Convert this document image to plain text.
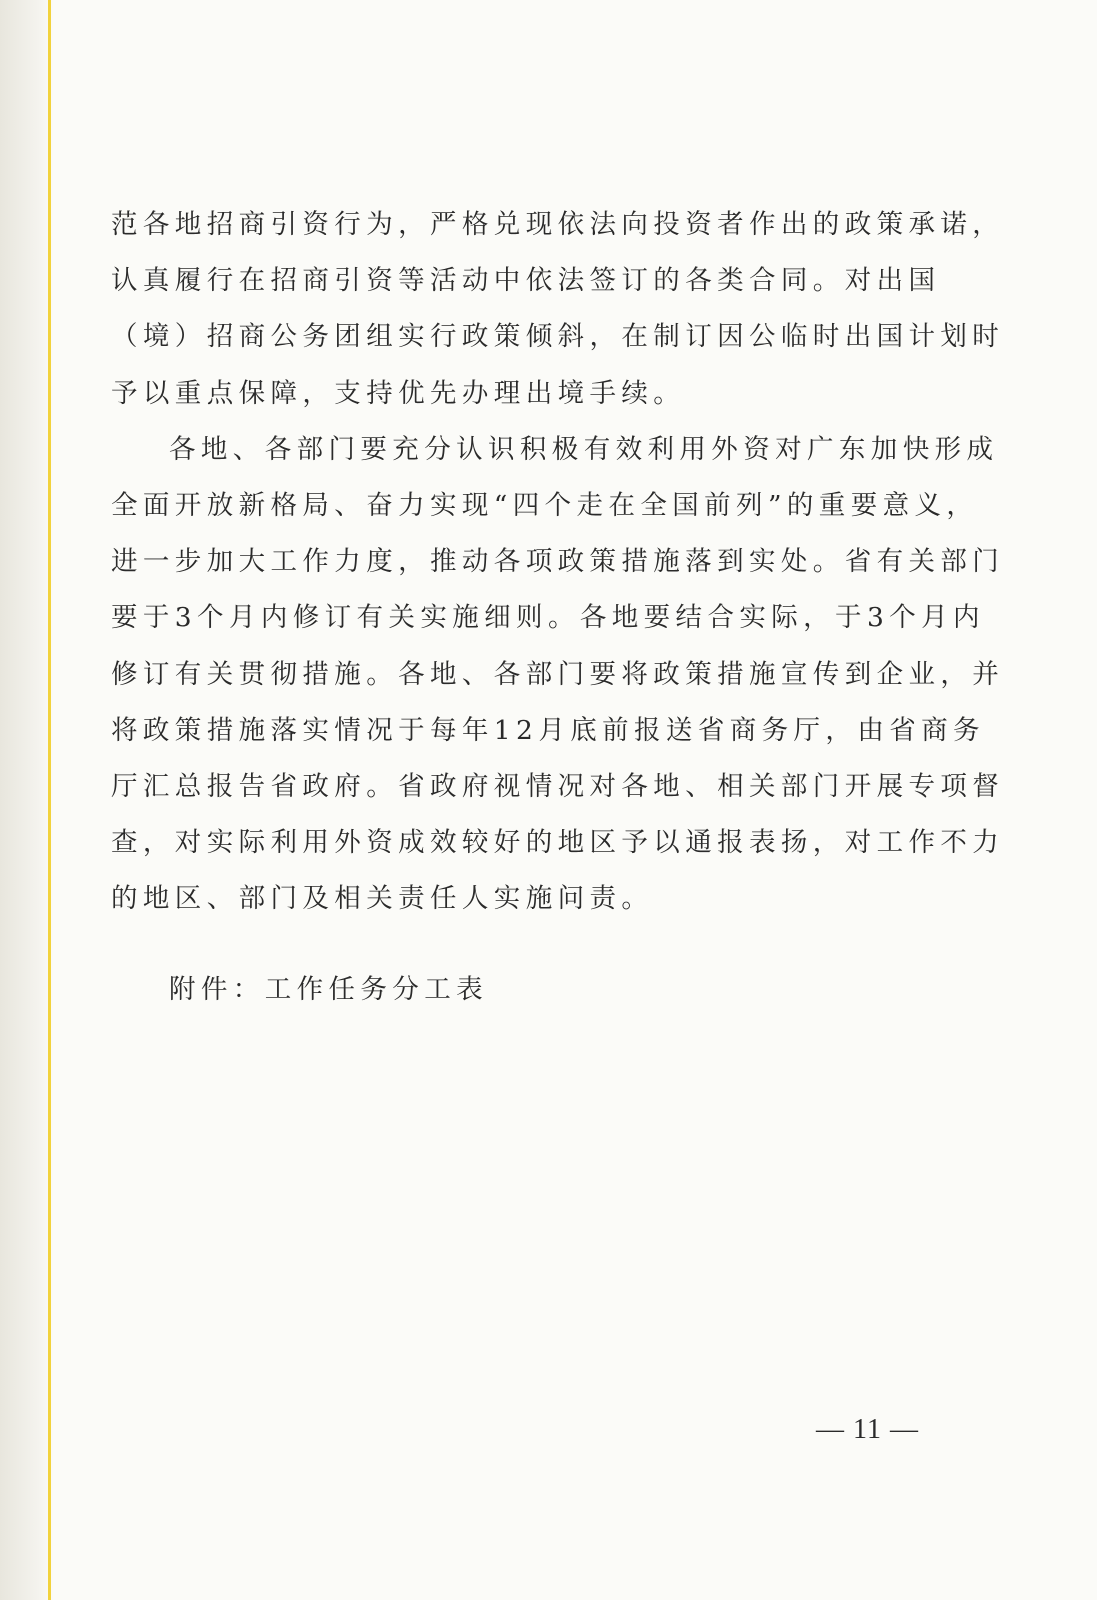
范各地招商引资行为，严格兑现依法向投资者作出的政策承诺，
认真履行在招商引资等活动中依法签订的各类合同。对出国
（境）招商公务团组实行政策倾斜，在制订因公临时出国计划时
予以重点保障，支持优先办理出境手续。
各地、各部门要充分认识积极有效利用外资对广东加快形成
全面开放新格局、奋力实现“四个走在全国前列”的重要意义，
进一步加大工作力度，推动各项政策措施落到实处。省有关部门
要于3个月内修订有关实施细则。各地要结合实际，于3个月内
修订有关贯彻措施。各地、各部门要将政策措施宣传到企业，并
将政策措施落实情况于每年12月底前报送省商务厅，由省商务
厅汇总报告省政府。省政府视情况对各地、相关部门开展专项督
查，对实际利用外资成效较好的地区予以通报表扬，对工作不力
的地区、部门及相关责任人实施问责。
附件：工作任务分工表
— 11 —
